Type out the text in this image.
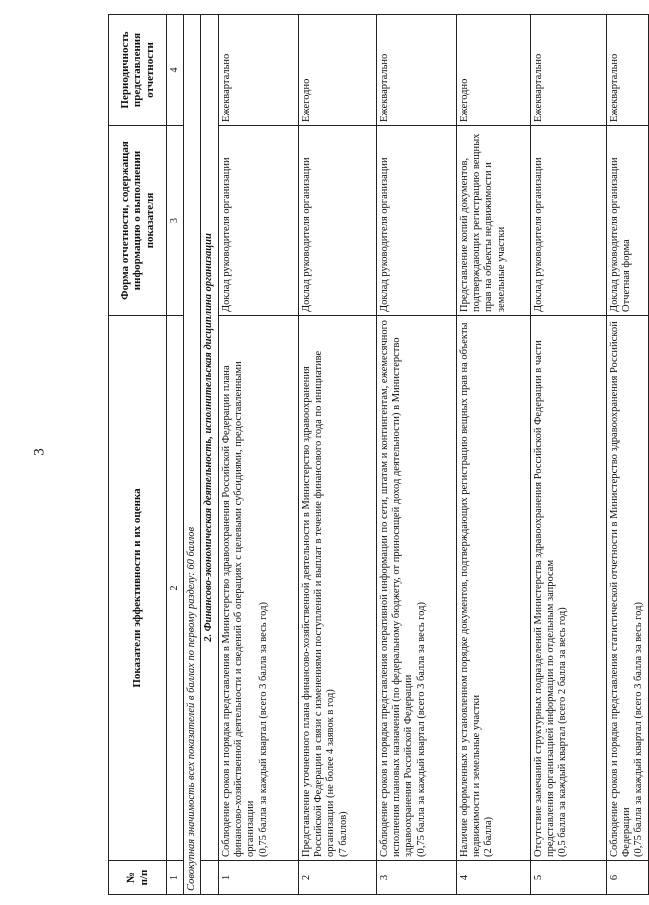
3
№
п/п	Показатели эффективности и их оценка	Форма отчетности, содержащая информацию о выполнении показателя	Периодичность представления отчетности
1	2	3	4
Совокупная значимость всех показателей в баллах по первому разделу: 60 баллов			
	2. Финансово-экономическая деятельность, исполнительская дисциплина организации		
1	Соблюдение сроков и порядка представления в Министерство здравоохранения Российской Федерации плана финансово-хозяйственной деятельности и сведений об операциях с целевыми субсидиями, предоставленными организации (0,75 балла за каждый квартал (всего 3 балла за весь год)	Доклад руководителя организации	Ежеквартально
2	Представление уточненного плана финансово-хозяйственной деятельности в Министерство здравоохранения Российской Федерации в связи с изменениями поступлений и выплат в течение финансового года по инициативе организации (не более 4 заявок в год) (7 баллов)	Доклад руководителя организации	Ежегодно
3	Соблюдение сроков и порядка представления оперативной информации по сети, штатам и контингентам, ежемесячного исполнения плановых назначений (по федеральному бюджету, от приносящей доход деятельности) в Министерство здравоохранения Российской Федерации (0,75 балла за каждый квартал (всего 3 балла за весь год)	Доклад руководителя организации	Ежеквартально
4	Наличие оформленных в установленном порядке документов, подтверждающих регистрацию вещных прав на объекты недвижимости и земельные участки (2 балла)	Представление копий документов, подтверждающих регистрацию вещных прав на объекты недвижимости и земельные участки	Ежегодно
5	Отсутствие замечаний структурных подразделений Министерства здравоохранения Российской Федерации в части представления организацией информации по отдельным запросам (0,5 балла за каждый квартал (всего 2 балла за весь год)	Доклад руководителя организации	Ежеквартально
6	Соблюдение сроков и порядка представления статистической отчетности в Министерство здравоохранения Российской Федерации (0,75 балла за каждый квартал (всего 3 балла за весь год)	Доклад руководителя организации Отчетная форма	Ежеквартально
